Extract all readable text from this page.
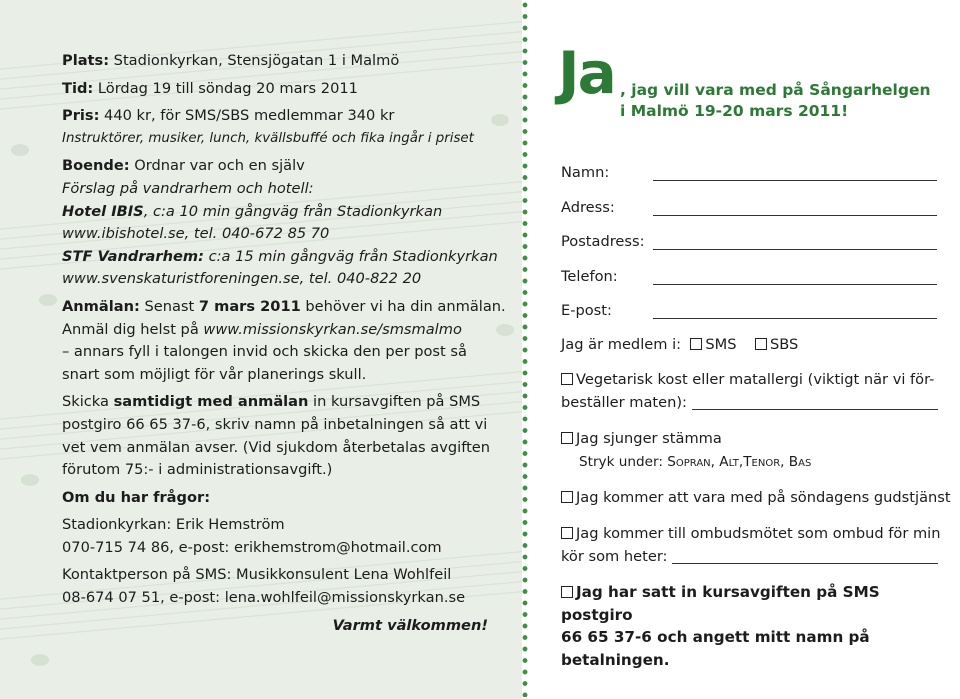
Plats: Stadionkyrkan, Stensjögatan 1 i Malmö

Tid: Lördag 19 till söndag 20 mars 2011

Pris: 440 kr, för SMS/SBS medlemmar 340 kr

Instruktörer, musiker, lunch, kvällsbuffé och fika ingår i priset

Boende: Ordnar var och en själv

Förslag på vandrarhem och hotell:

Hotel IBIS, c:a 10 min gångväg från Stadionkyrkan

www.ibishotel.se, tel. 040-672 85 70

STF Vandrarhem: c:a 15 min gångväg från Stadionkyrkan

www.svenskaturistforeningen.se, tel. 040-822 20

Anmälan: Senast 7 mars 2011 behöver vi ha din anmälan.

Anmäl dig helst på www.missionskyrkan.se/smsmalmo

– annars fyll i talongen invid och skicka den per post så

snart som möjligt för vår planerings skull.

Skicka samtidigt med anmälan in kursavgiften på SMS

postgiro 66 65 37-6, skriv namn på inbetalningen så att vi

vet vem anmälan avser. (Vid sjukdom återbetalas avgiften

förutom 75:- i administrationsavgift.)

Om du har frågor:

Stadionkyrkan: Erik Hemström

070-715 74 86, e-post: erikhemstrom@hotmail.com

Kontaktperson på SMS: Musikkonsulent Lena Wohlfeil

08-674 07 51, e-post: lena.wohlfeil@missionskyrkan.se

Varmt välkommen!

Ja , jag vill vara med på Sångarhelgen
i Malmö 19-20 mars 2011!
Namn:
Adress:
Postadress:
Telefon:
E-post:
Jag är medlem i: SMS SBS
Vegetarisk kost eller matallergi (viktigt när vi för-
beställer maten):
Jag sjunger stämma
Stryk under: Sopran, Alt,Tenor, Bas
Jag kommer att vara med på söndagens gudstjänst
Jag kommer till ombudsmötet som ombud för min
kör som heter:
Jag har satt in kursavgiften på SMS postgiro
66 65 37-6 och angett mitt namn på betalningen.
